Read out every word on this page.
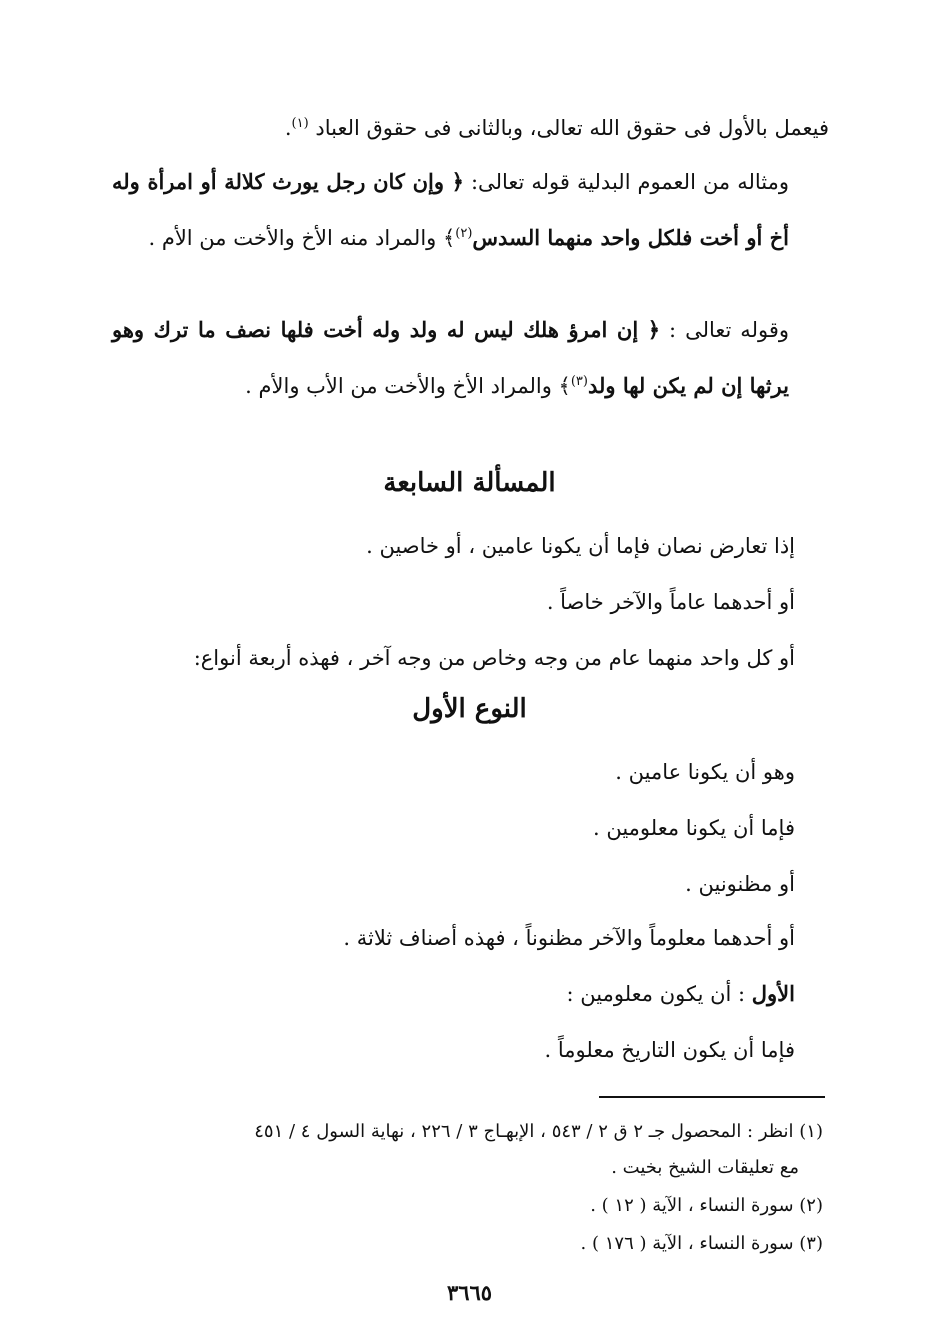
فيعمل بالأول فى حقوق الله تعالى، وبالثانى فى حقوق العباد $^{(١)}$.

ومثاله من العموم البدلية قوله تعالى: ﴿ وإن كان رجل يورث كلالة أو امرأة وله أخ أو أخت فلكل واحد منهما السدس$^{(٢)}$﴾ والمراد منه الأخ والأخت من الأم .

وقوله تعالى : ﴿ إن امرؤ هلك ليس له ولد وله أخت فلها نصف ما ترك وهو يرثها إن لم يكن لها ولد$^{(٣)}$﴾ والمراد الأخ والأخت من الأب والأم .

المسألة السابعة
إذا تعارض نصان فإما أن يكونا عامين ، أو خاصين .
أو أحدهما عاماً والآخر خاصاً .
أو كل واحد منهما عام من وجه وخاص من وجه آخر ، فهذه أربعة أنواع:
النوع الأول
وهو أن يكونا عامين .
فإما أن يكونا معلومين .
أو مظنونين .
أو أحدهما معلوماً والآخر مظنوناً ، فهذه أصناف ثلاثة .
الأول : أن يكون معلومين :
فإما أن يكون التاريخ معلوماً .
(١) انظر : المحصول جـ ٢ ق ٢ / ٥٤٣ ، الإبهـاج ٣ / ٢٢٦ ، نهاية السول ٤ / ٤٥١
مع تعليقات الشيخ بخيت .
(٢) سورة النساء ، الآية ( ١٢ ) .
(٣) سورة النساء ، الآية ( ١٧٦ ) .
٣٦٦٥
